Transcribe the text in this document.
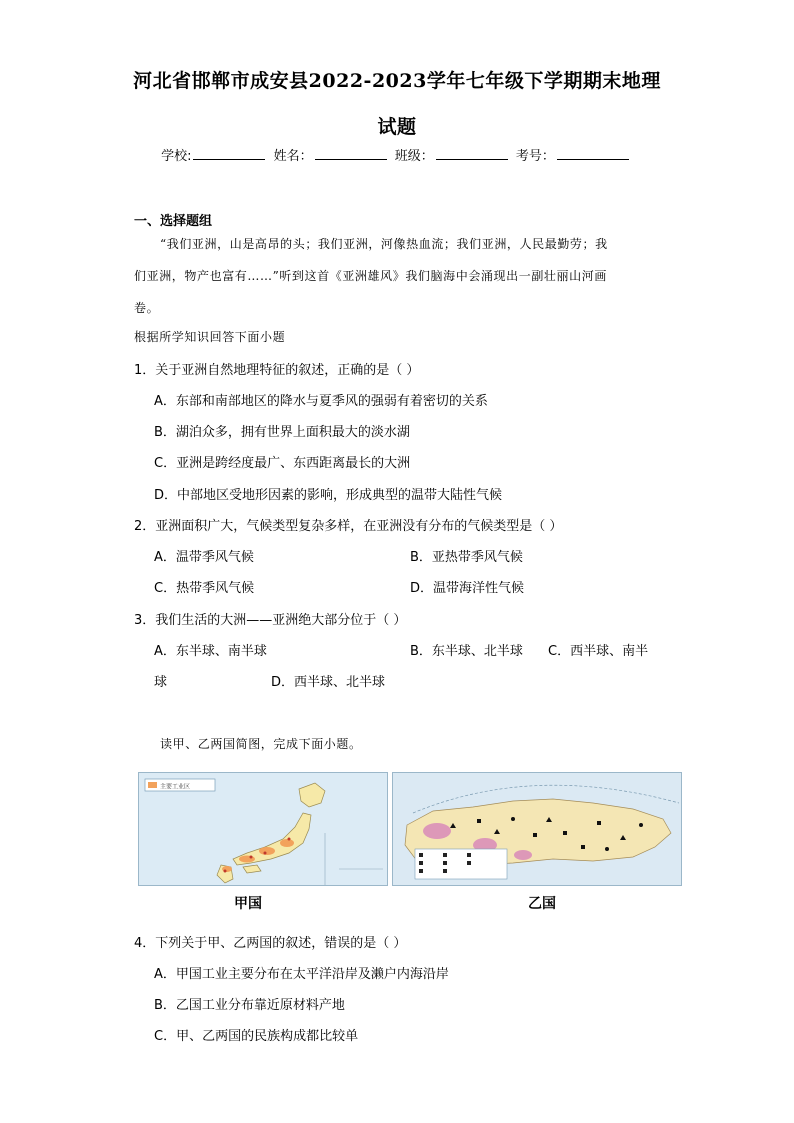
河北省邯郸市成安县2022-2023学年七年级下学期期末地理
试题
学校:	姓名：	班级：	考号：
一、选择题组
“我们亚洲，山是高昂的头；我们亚洲，河像热血流；我们亚洲，人民最勤劳；我
们亚洲，物产也富有……”听到这首《亚洲雄风》我们脑海中会涌现出一副壮丽山河画
卷。
根据所学知识回答下面小题
1．关于亚洲自然地理特征的叙述，正确的是（ ）
A．东部和南部地区的降水与夏季风的强弱有着密切的关系
B．湖泊众多，拥有世界上面积最大的淡水湖
C．亚洲是跨经度最广、东西距离最长的大洲
D．中部地区受地形因素的影响，形成典型的温带大陆性气候
2．亚洲面积广大，气候类型复杂多样，在亚洲没有分布的气候类型是（ ）
A．温带季风气候	B．亚热带季风气候
C．热带季风气候	D．温带海洋性气候
3．我们生活的大洲——亚洲绝大部分位于（ ）
A．东半球、南半球	B．东半球、北半球 C．西半球、南半
球	D．西半球、北半球
读甲、乙两国简图，完成下面小题。
主要工业区
甲国	乙国
4．下列关于甲、乙两国的叙述，错误的是（ ）
A．甲国工业主要分布在太平洋沿岸及濑户内海沿岸
B．乙国工业分布靠近原材料产地
C．甲、乙两国的民族构成都比较单
